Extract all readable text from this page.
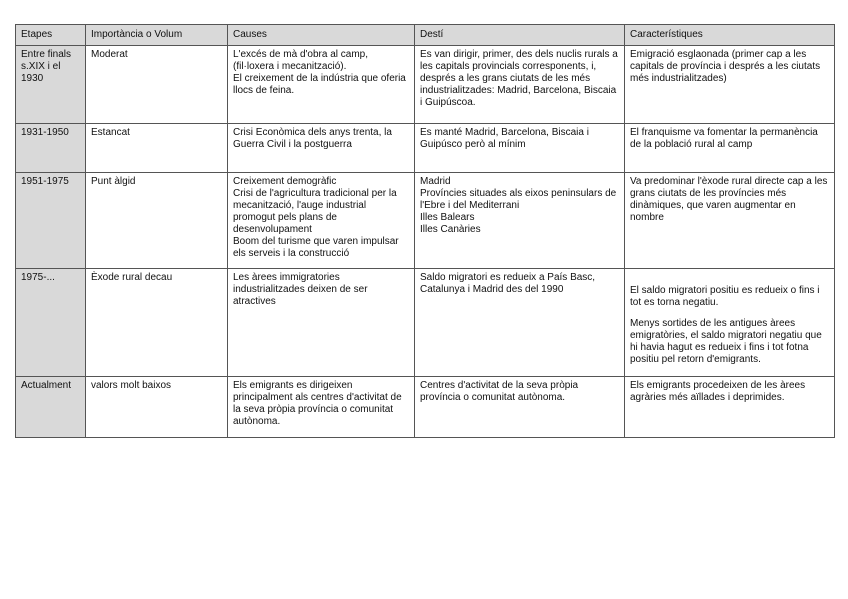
Etapes	Importància o Volum	Causes	Destí	Característiques
Entre finals s.XIX i el 1930	Moderat	L'excés de mà d'obra al camp,
(fil·loxera i mecanització).
El creixement de la indústria que oferia llocs de feina.	Es van dirigir, primer, des dels nuclis rurals a les capitals provincials corresponents, i, després a les grans ciutats de les més industrialitzades: Madrid, Barcelona, Biscaia i Guipúscoa.	Emigració esglaonada (primer cap a les capitals de província i després a les ciutats més industrialitzades)

1931-1950	Estancat	Crisi Econòmica dels anys trenta, la Guerra Civil i la postguerra	Es manté Madrid, Barcelona, Biscaia i Guipúsco però al mínim	El franquisme va fomentar la permanència de la població rural al camp

1951-1975	Punt àlgid	Creixement demogràfic
Crisi de l'agricultura tradicional per la mecanització, l'auge industrial promogut pels plans de desenvolupament
Boom del turisme que varen impulsar els serveis i la construcció	Madrid
Províncies situades als eixos peninsulars de l'Ebre i del Mediterrani
Illes Balears
Illes Canàries	Va predominar l'èxode rural directe cap a les grans ciutats de les províncies més dinàmiques, que varen augmentar en nombre

1975-...	Èxode rural decau	Les àrees immigratories industrialitzades deixen de ser atractives	Saldo migratori es redueix a País Basc, Catalunya i Madrid des del 1990	El saldo migratori positiu es redueix o fins i tot es torna negatiu.
Menys sortides de les antigues àrees emigratòries, el saldo migratori negatiu que hi havia hagut es redueix i fins i tot fotna positiu pel retorn d'emigrants.

Actualment	valors molt baixos	Els emigrants es dirigeixen principalment als centres d'activitat de la seva pròpia província o comunitat autònoma.	Centres d'activitat de la seva pròpia província o comunitat autònoma.	Els emigrants procedeixen de les àrees agràries més aïllades i deprimides.
